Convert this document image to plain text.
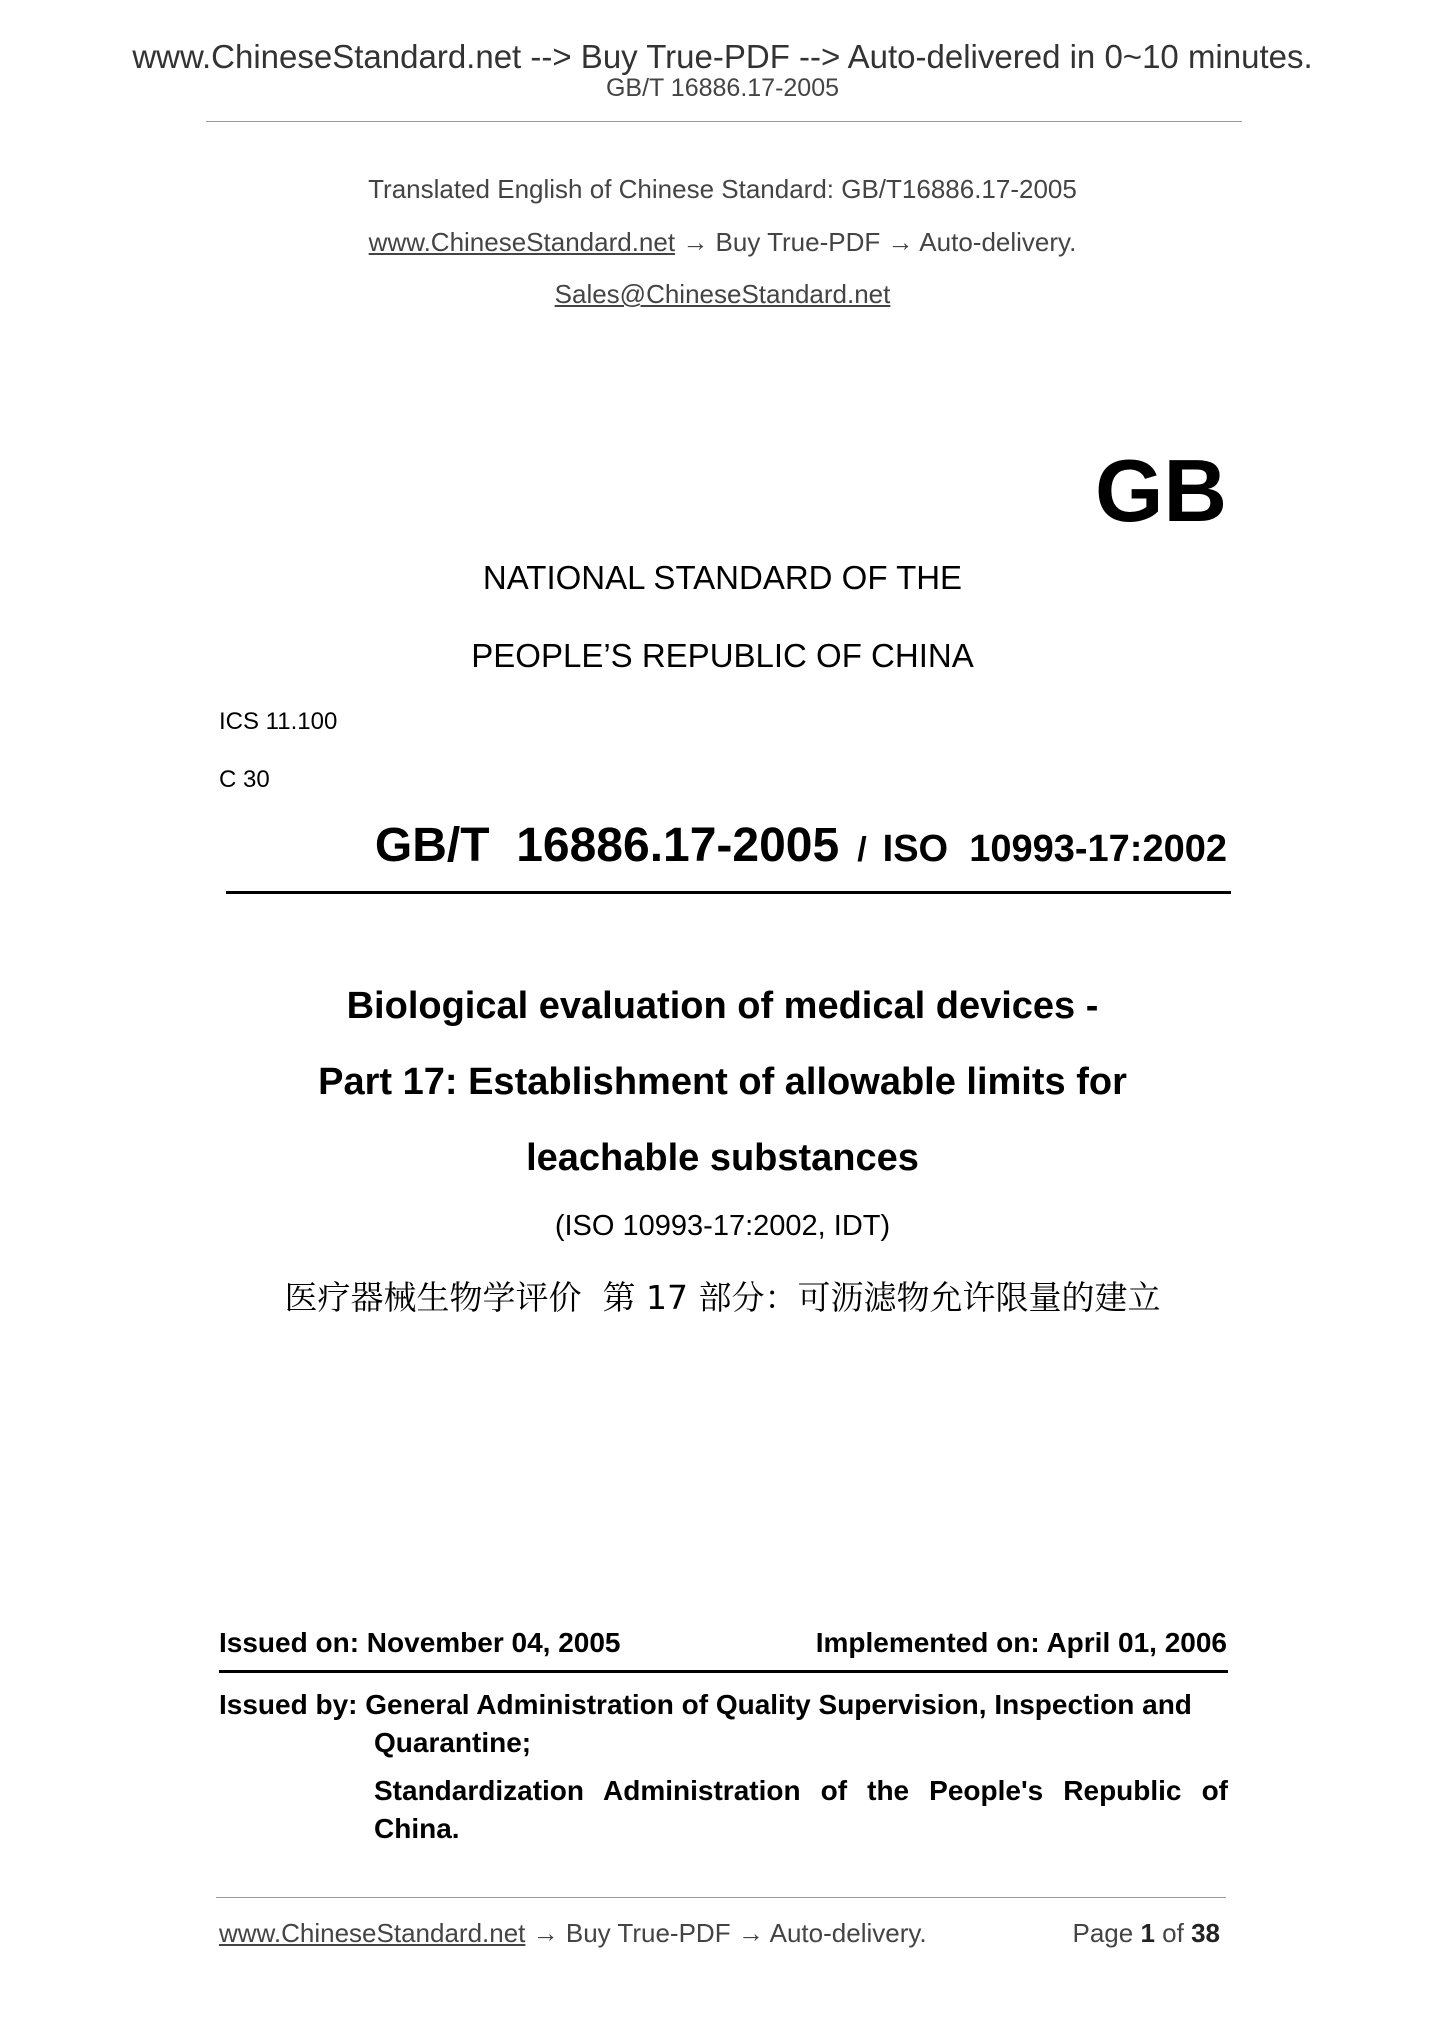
www.ChineseStandard.net --> Buy True-PDF --> Auto-delivered in 0~10 minutes.
GB/T 16886.17-2005
Translated English of Chinese Standard: GB/T16886.17-2005
www.ChineseStandard.net → Buy True-PDF → Auto-delivery.
Sales@ChineseStandard.net
GB
NATIONAL STANDARD OF THE
PEOPLE’S REPUBLIC OF CHINA
ICS 11.100
C 30
GB/T  16886.17-2005 / ISO  10993-17:2002
Biological evaluation of medical devices -
Part 17: Establishment of allowable limits for
leachable substances
(ISO 10993-17:2002, IDT)
医疗器械生物学评价  第 17 部分：可沥滤物允许限量的建立
Issued on: November 04, 2005	Implemented on: April 01, 2006
Issued by: General Administration of Quality Supervision, Inspection and
Quarantine;
Standardization Administration of the People's Republic of China.
www.ChineseStandard.net → Buy True-PDF → Auto-delivery.	Page 1 of 38
